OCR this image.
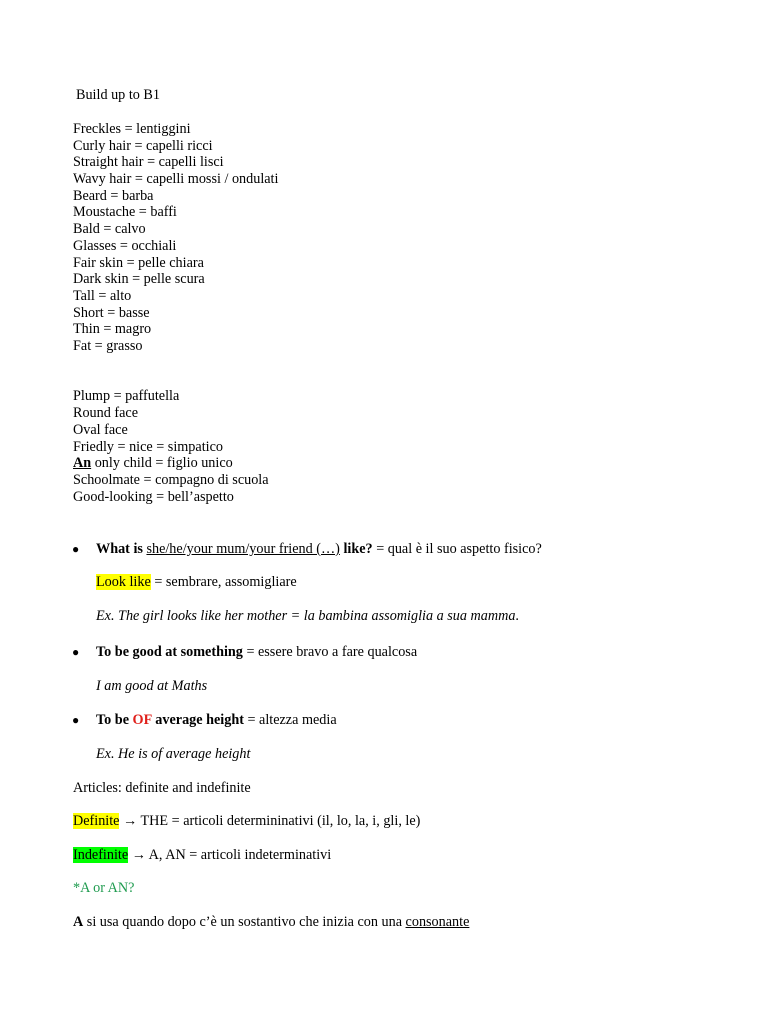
Build up to B1
Freckles = lentiggini
Curly hair = capelli ricci
Straight hair = capelli lisci
Wavy hair = capelli mossi / ondulati
Beard = barba
Moustache = baffi
Bald = calvo
Glasses = occhiali
Fair skin = pelle chiara
Dark skin = pelle scura
Tall = alto
Short = basse
Thin = magro
Fat = grasso
Plump = paffutella
Round face
Oval face
Friedly = nice = simpatico
An only child = figlio unico
Schoolmate = compagno di scuola
Good-looking = bell’aspetto
● What is she/he/your mum/your friend (…) like? = qual è il suo aspetto fisico?
Look like = sembrare, assomigliare
Ex. The girl looks like her mother = la bambina assomiglia a sua mamma.
● To be good at something = essere bravo a fare qualcosa
I am good at Maths
● To be OF average height = altezza media
Ex. He is of average height
Articles: definite and indefinite
Definite → THE = articoli determininativi (il, lo, la, i, gli, le)
Indefinite → A, AN = articoli indeterminativi
*A or AN?
A si usa quando dopo c’è un sostantivo che inizia con una consonante
